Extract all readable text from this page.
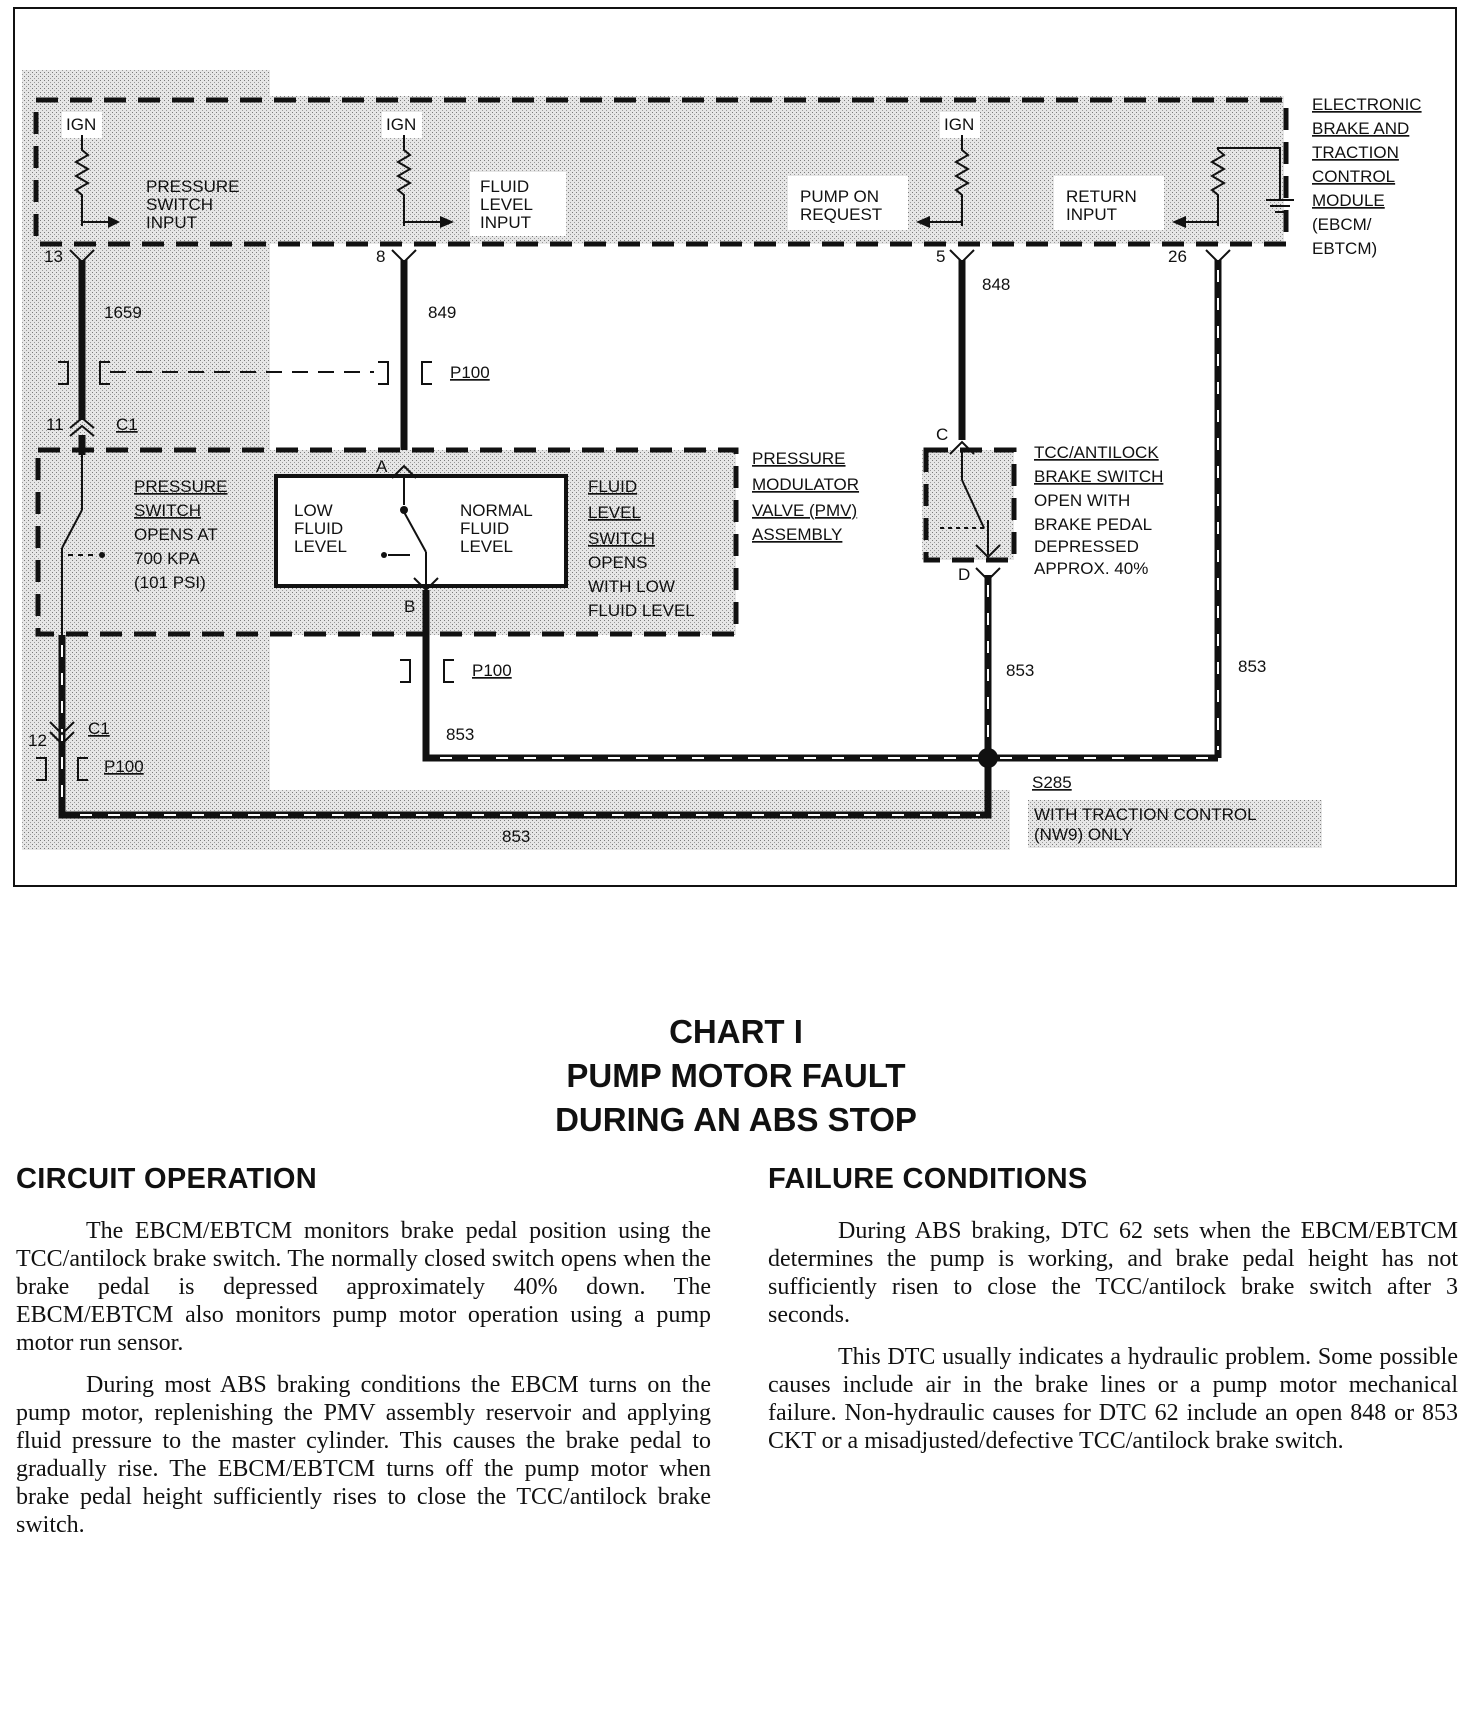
13	8	5	26
11
12
IGN	IGN	IGN
PRESSURE
SWITCH
INPUT
FLUID
LEVEL
INPUT
PUMP ON
REQUEST
RETURN
INPUT
ELECTRONIC
BRAKE AND
TRACTION
CONTROL
MODULE
(EBCM/
EBTCM)
1659	849
848
853
853	853
853
P100
P100
P100
C1
C1
S285
A
B
C
D
PRESSURE
SWITCH
OPENS AT
700 KPA
(101 PSI)
LOW
FLUID
LEVEL
NORMAL
FLUID
LEVEL
FLUID
LEVEL
SWITCH
OPENS
WITH LOW
FLUID LEVEL
PRESSURE
MODULATOR
VALVE (PMV)
ASSEMBLY
TCC/ANTILOCK
BRAKE SWITCH
OPEN WITH
BRAKE PEDAL
DEPRESSED
APPROX. 40%
WITH TRACTION CONTROL
(NW9) ONLY
CHART I
PUMP MOTOR FAULT
DURING AN ABS STOP
CIRCUIT OPERATION

The EBCM/EBTCM monitors brake pedal position using the TCC/antilock brake switch. The normally closed switch opens when the brake pedal is depressed approximately 40% down. The EBCM/EBTCM also monitors pump motor operation using a pump motor run sensor.

During most ABS braking conditions the EBCM turns on the pump motor, replenishing the PMV assembly reservoir and applying fluid pressure to the master cylinder. This causes the brake pedal to gradually rise. The EBCM/EBTCM turns off the pump motor when brake pedal height sufficiently rises to close the TCC/antilock brake switch.

FAILURE CONDITIONS

During ABS braking, DTC 62 sets when the EBCM/EBTCM determines the pump is working, and brake pedal height has not sufficiently risen to close the TCC/antilock brake switch after 3 seconds.

This DTC usually indicates a hydraulic problem. Some possible causes include air in the brake lines or a pump motor mechanical failure. Non-hydraulic causes for DTC 62 include an open 848 or 853 CKT or a misadjusted/defective TCC/antilock brake switch.
